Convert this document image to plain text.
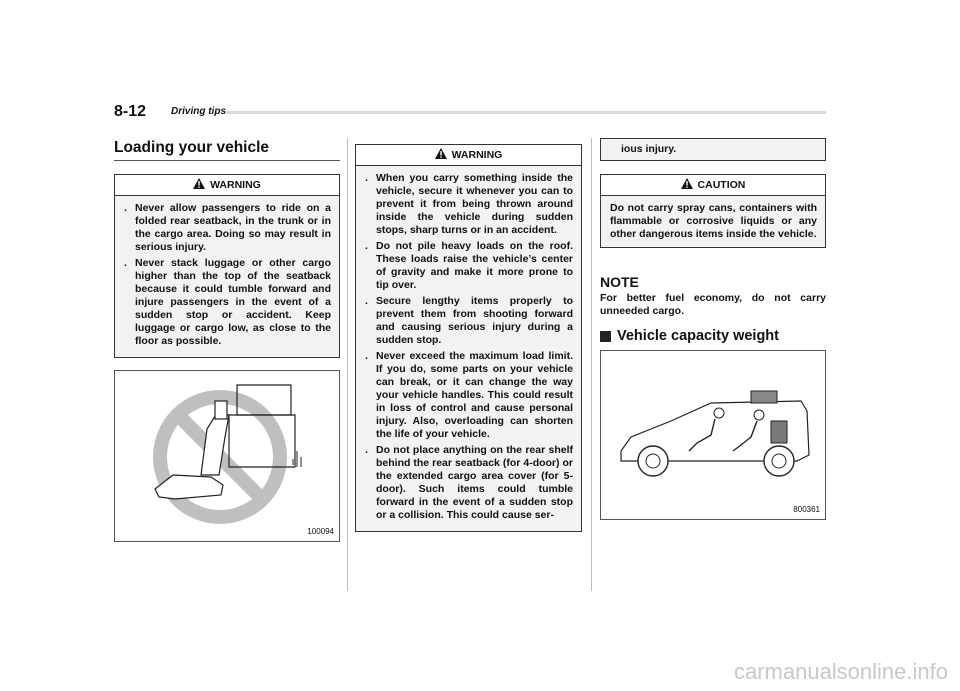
8-12 Driving tips
Loading your vehicle
WARNING
. Never allow passengers to ride on a folded rear seatback, in the trunk or in the cargo area. Doing so may result in serious injury.
. Never stack luggage or other cargo higher than the top of the seatback because it could tumble forward and injure passengers in the event of a sudden stop or accident. Keep luggage or cargo low, as close to the floor as possible.
100094
WARNING
. When you carry something inside the vehicle, secure it whenever you can to prevent it from being thrown around inside the vehicle during sudden stops, sharp turns or in an accident.
. Do not pile heavy loads on the roof. These loads raise the vehicle’s center of gravity and make it more prone to tip over.
. Secure lengthy items properly to prevent them from shooting forward and causing serious injury during a sudden stop.
. Never exceed the maximum load limit. If you do, some parts on your vehicle can break, or it can change the way your vehicle handles. This could result in loss of control and cause personal injury. Also, overloading can shorten the life of your vehicle.
. Do not place anything on the rear shelf behind the rear seatback (for 4-door) or the extended cargo area cover (for 5-door). Such items could tumble forward in the event of a sudden stop or a collision. This could cause ser-

ious injury.

CAUTION

Do not carry spray cans, containers with flammable or corrosive liquids or any other dangerous items inside the vehicle.

NOTE

For better fuel economy, do not carry unneeded cargo.

Vehicle capacity weight
800361
carmanualsonline.info
